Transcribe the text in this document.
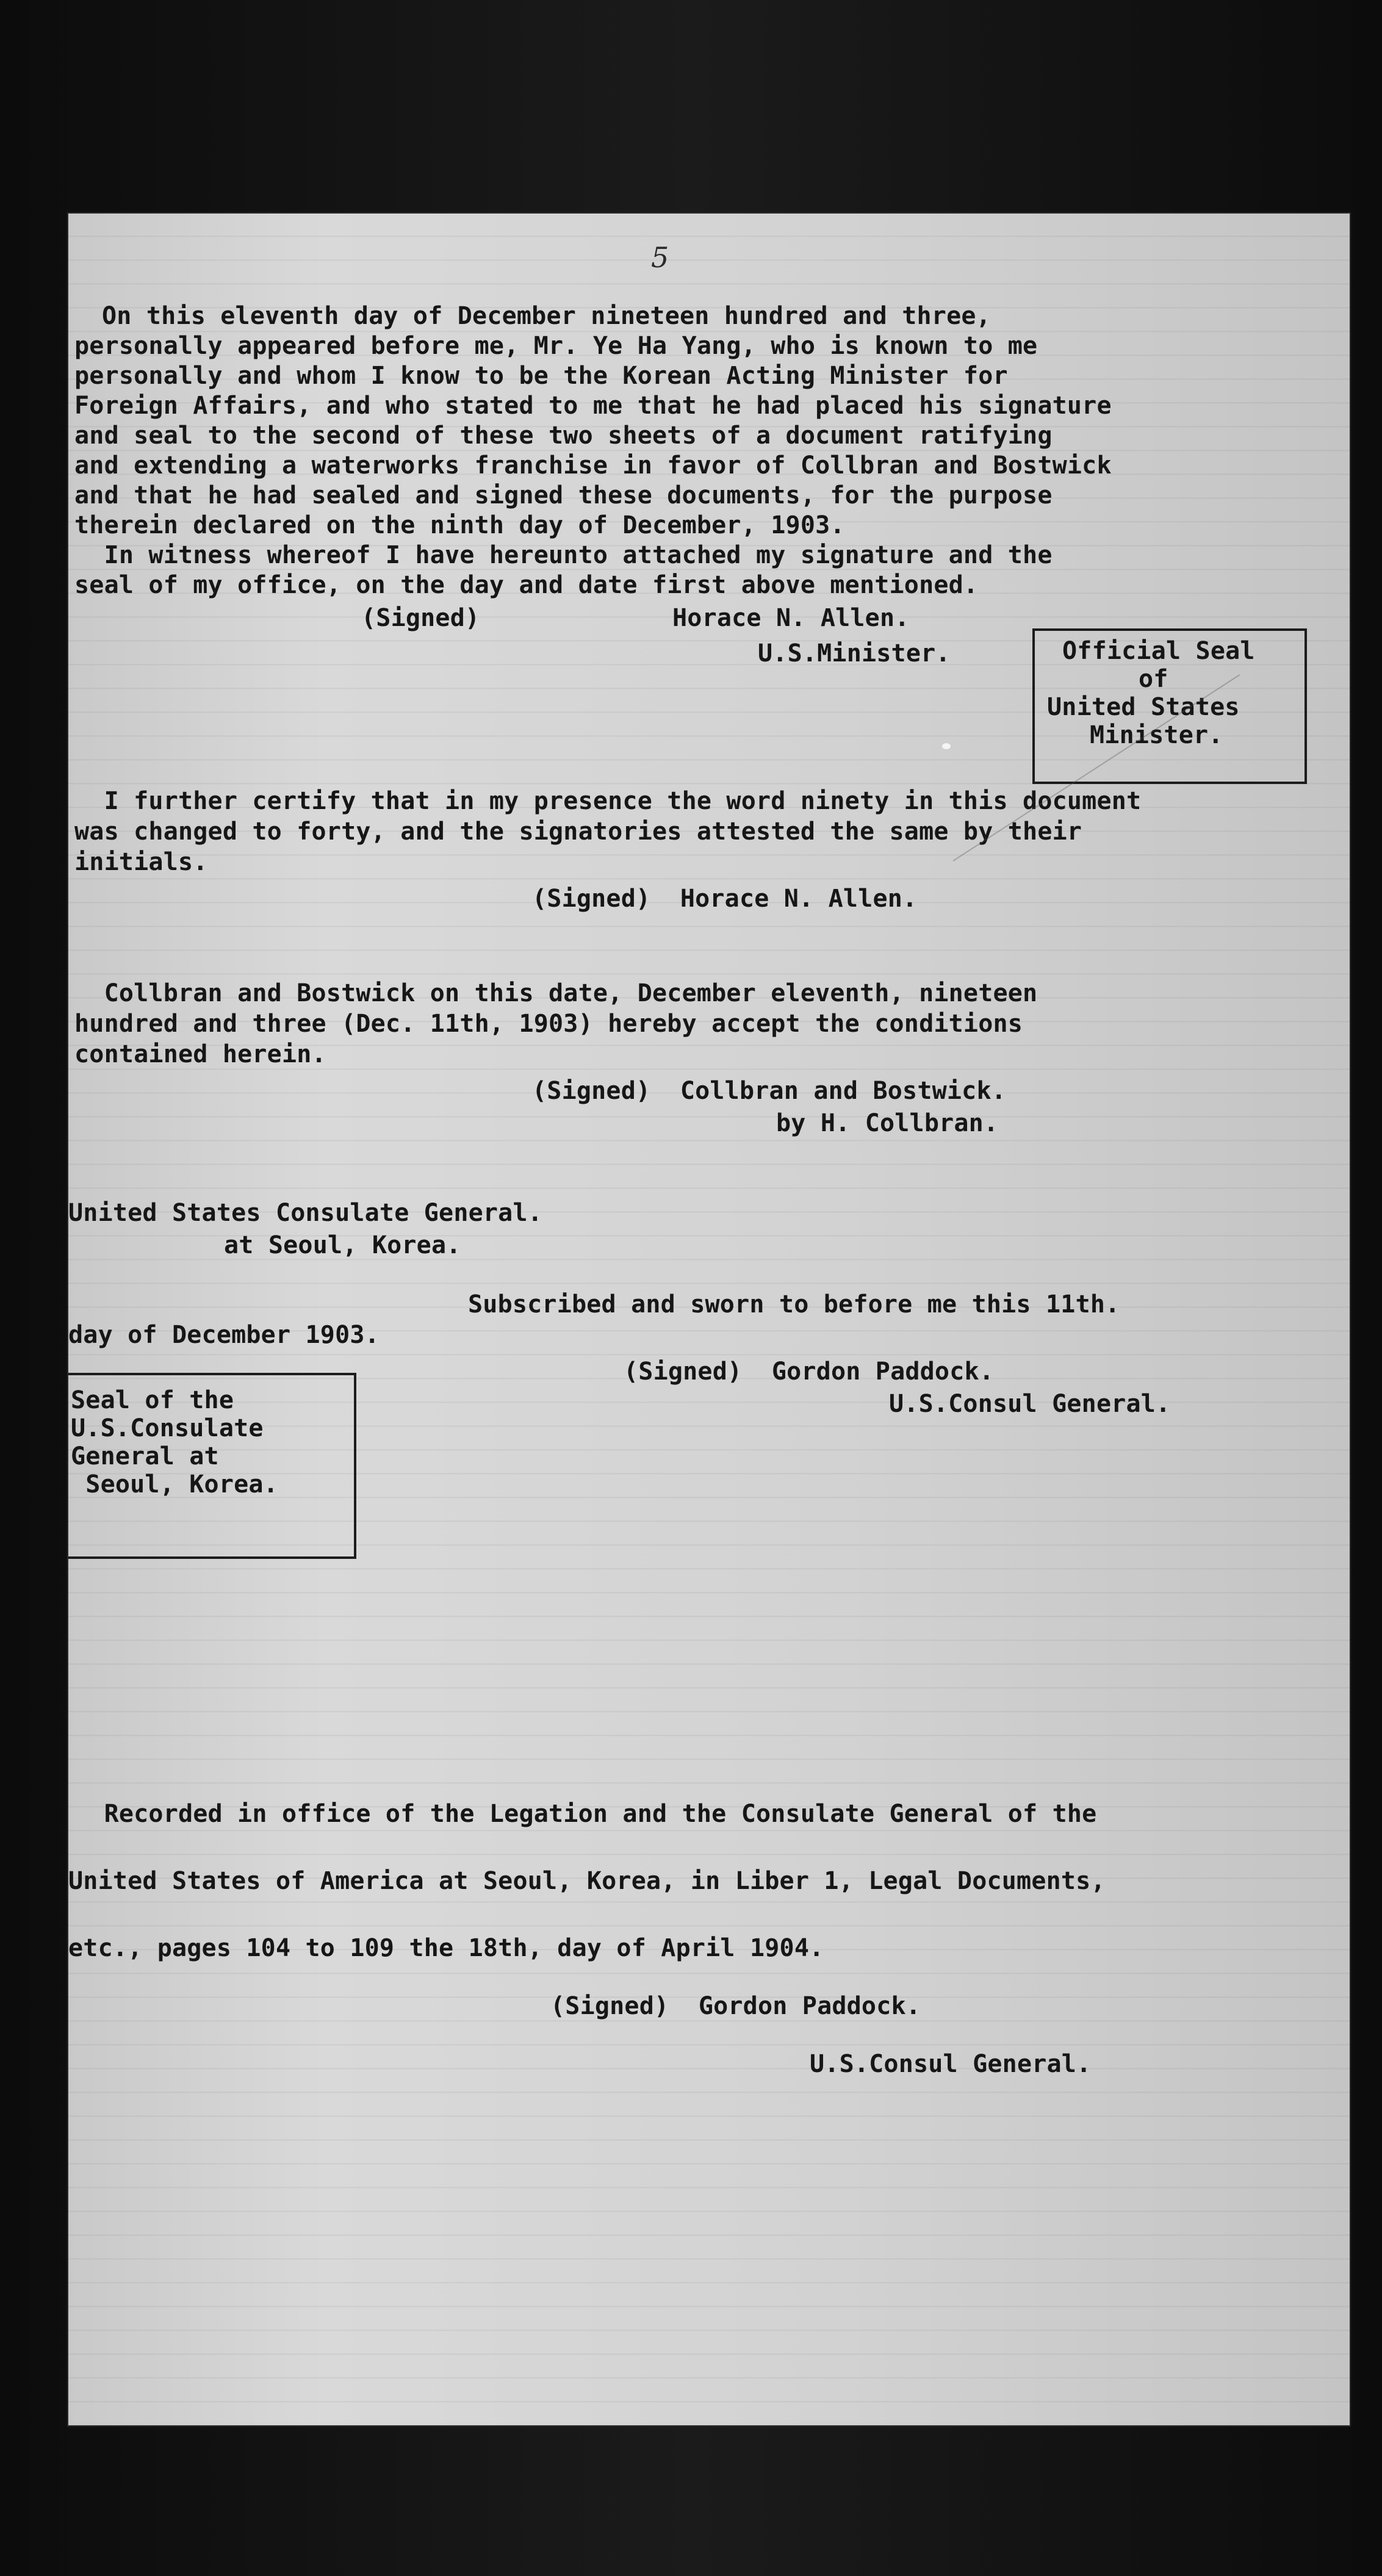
5
On this eleventh day of December nineteen hundred and three,
personally appeared before me, Mr. Ye Ha Yang, who is known to me
personally and whom I know to be the Korean Acting Minister for
Foreign Affairs, and who stated to me that he had placed his signature
and seal to the second of these two sheets of a document ratifying
and extending a waterworks franchise in favor of Collbran and Bostwick
and that he had sealed and signed these documents, for the purpose
therein declared on the ninth day of December, 1903.
In witness whereof I have hereunto attached my signature and the
seal of my office, on the day and date first above mentioned.
(Signed)	Horace N. Allen.
U.S.Minister.	Official Seal
of
United States
Minister.
I further certify that in my presence the word ninety in this document
was changed to forty, and the signatories attested the same by their
initials.
(Signed)  Horace N. Allen.
Collbran and Bostwick on this date, December eleventh, nineteen
hundred and three (Dec. 11th, 1903) hereby accept the conditions
contained herein.
(Signed)  Collbran and Bostwick.
by H. Collbran.
United States Consulate General.
at Seoul, Korea.
Subscribed and sworn to before me this 11th.
day of December 1903.
(Signed)  Gordon Paddock.
U.S.Consul General.
Seal of the
U.S.Consulate
General at
Seoul, Korea.
Recorded in office of the Legation and the Consulate General of the
United States of America at Seoul, Korea, in Liber 1, Legal Documents,
etc., pages 104 to 109 the 18th, day of April 1904.
(Signed)  Gordon Paddock.
U.S.Consul General.
